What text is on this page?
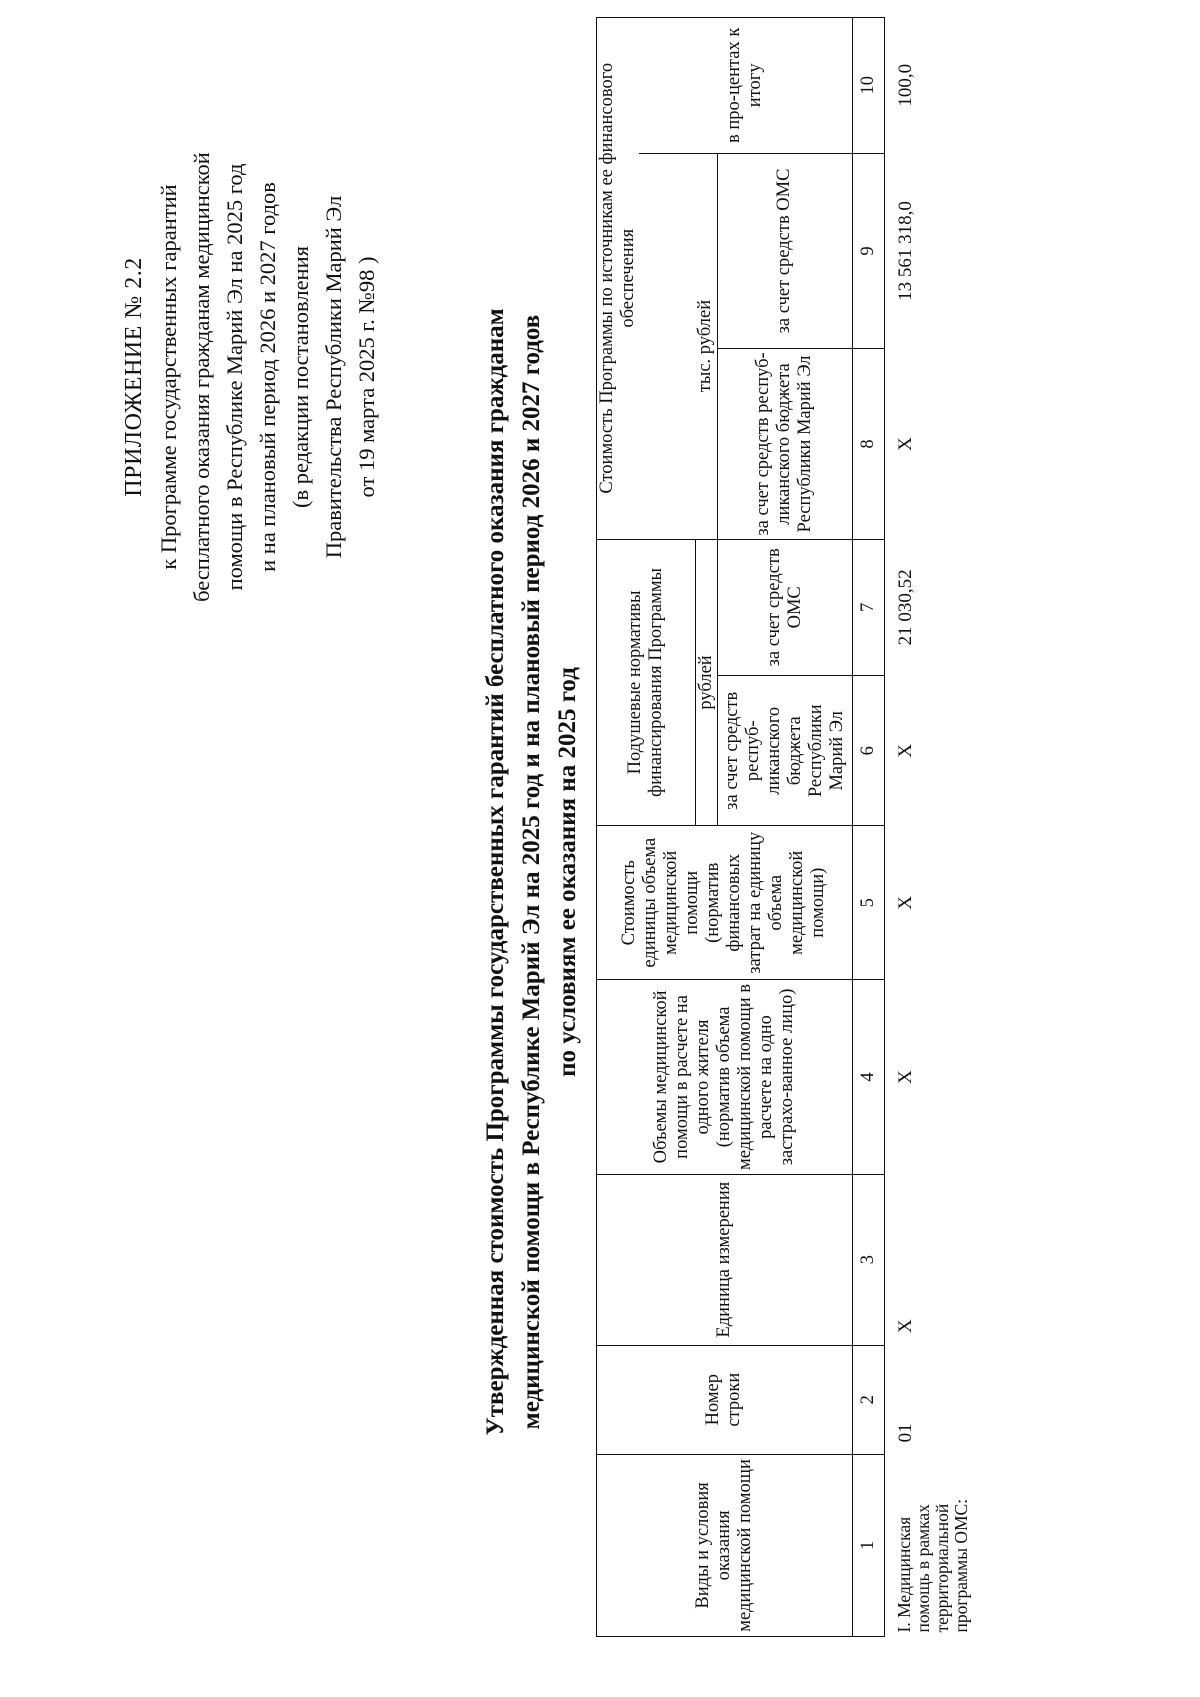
ПРИЛОЖЕНИЕ № 2.2 к Программе государственных гарантий бесплатного оказания гражданам медицинской помощи в Республике Марий Эл на 2025 год и на плановый период 2026 и 2027 годов (в редакции постановления Правительства Республики Марий Эл от 19 марта 2025 г. №98 )	Утвержденная стоимость Программы государственных гарантий бесплатного оказания гражданам медицинской помощи в Республике Марий Эл на 2025 год и на плановый период 2026 и 2027 годов по условиям ее оказания на 2025 год
Виды и условия оказания медицинской помощи	Номер строки	Единица измерения	Объемы медицинской помощи в расчете на одного жителя (норматив объема медицинской помощи в расчете на одно застрахо-ванное лицо)	Стоимость единицы объема медицинской помощи (норматив финансовых затрат на единицу объема медицинской помощи)	Подушевые нормативы финансирования Программы		Стоимость Программы по источникам ее финансового обеспечения		
									в про-центах к итогу
					рублей		тыс. рублей		
					за счет средств респуб-ликанского бюджета Республики Марий Эл	за счет средств ОМС	за счет средств респуб-ликанского бюджета Республики Марий Эл	за счет средств ОМС	
1	2	3	4	5	6	7	8	9	10
I. Медицинская помощь в рамках территориальной программы ОМС:	01	Х	Х	Х	Х	21 030,52	Х	13 561 318,0	100,0
